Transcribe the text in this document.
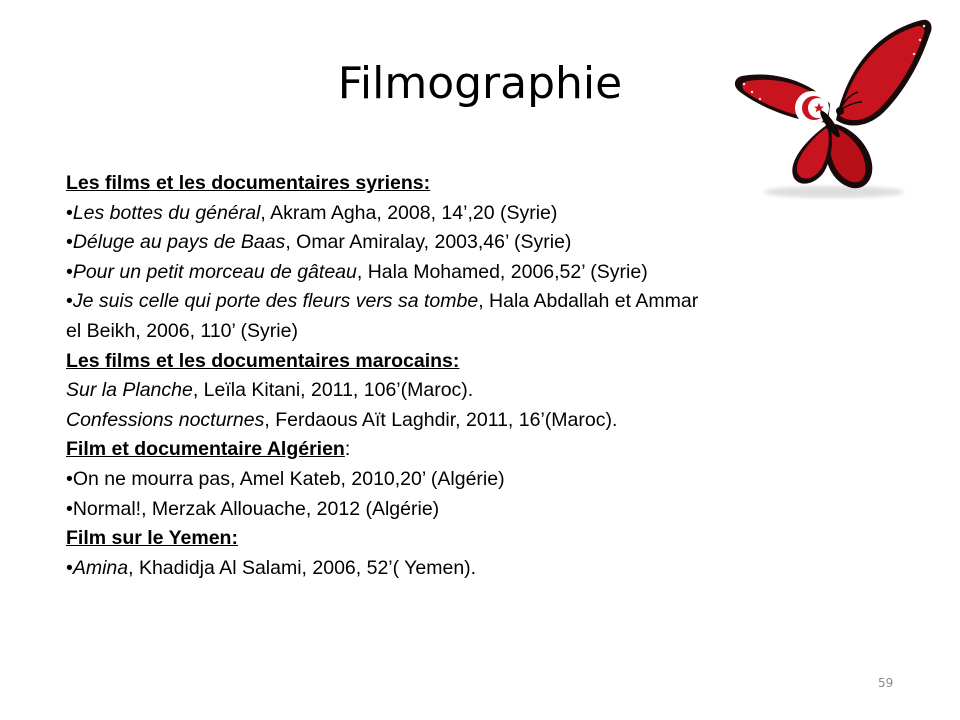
Filmographie

Les films et les documentaires syriens:

•Les bottes du général, Akram Agha, 2008, 14’,20 (Syrie)

•Déluge au pays de Baas, Omar Amiralay, 2003,46’ (Syrie)

•Pour un petit morceau de gâteau, Hala Mohamed, 2006,52’ (Syrie)

•Je suis celle qui porte des fleurs vers sa tombe, Hala Abdallah et Ammar el Beikh, 2006, 110’ (Syrie)

Les films et les documentaires marocains:

Sur la Planche, Leïla Kitani, 2011, 106’(Maroc).

Confessions nocturnes, Ferdaous Aït Laghdir, 2011, 16’(Maroc).

Film et documentaire Algérien:

•On ne mourra pas, Amel Kateb, 2010,20’ (Algérie)

•Normal!, Merzak Allouache, 2012 (Algérie)

Film sur le Yemen:

•Amina, Khadidja Al Salami, 2006, 52’( Yemen).

59
